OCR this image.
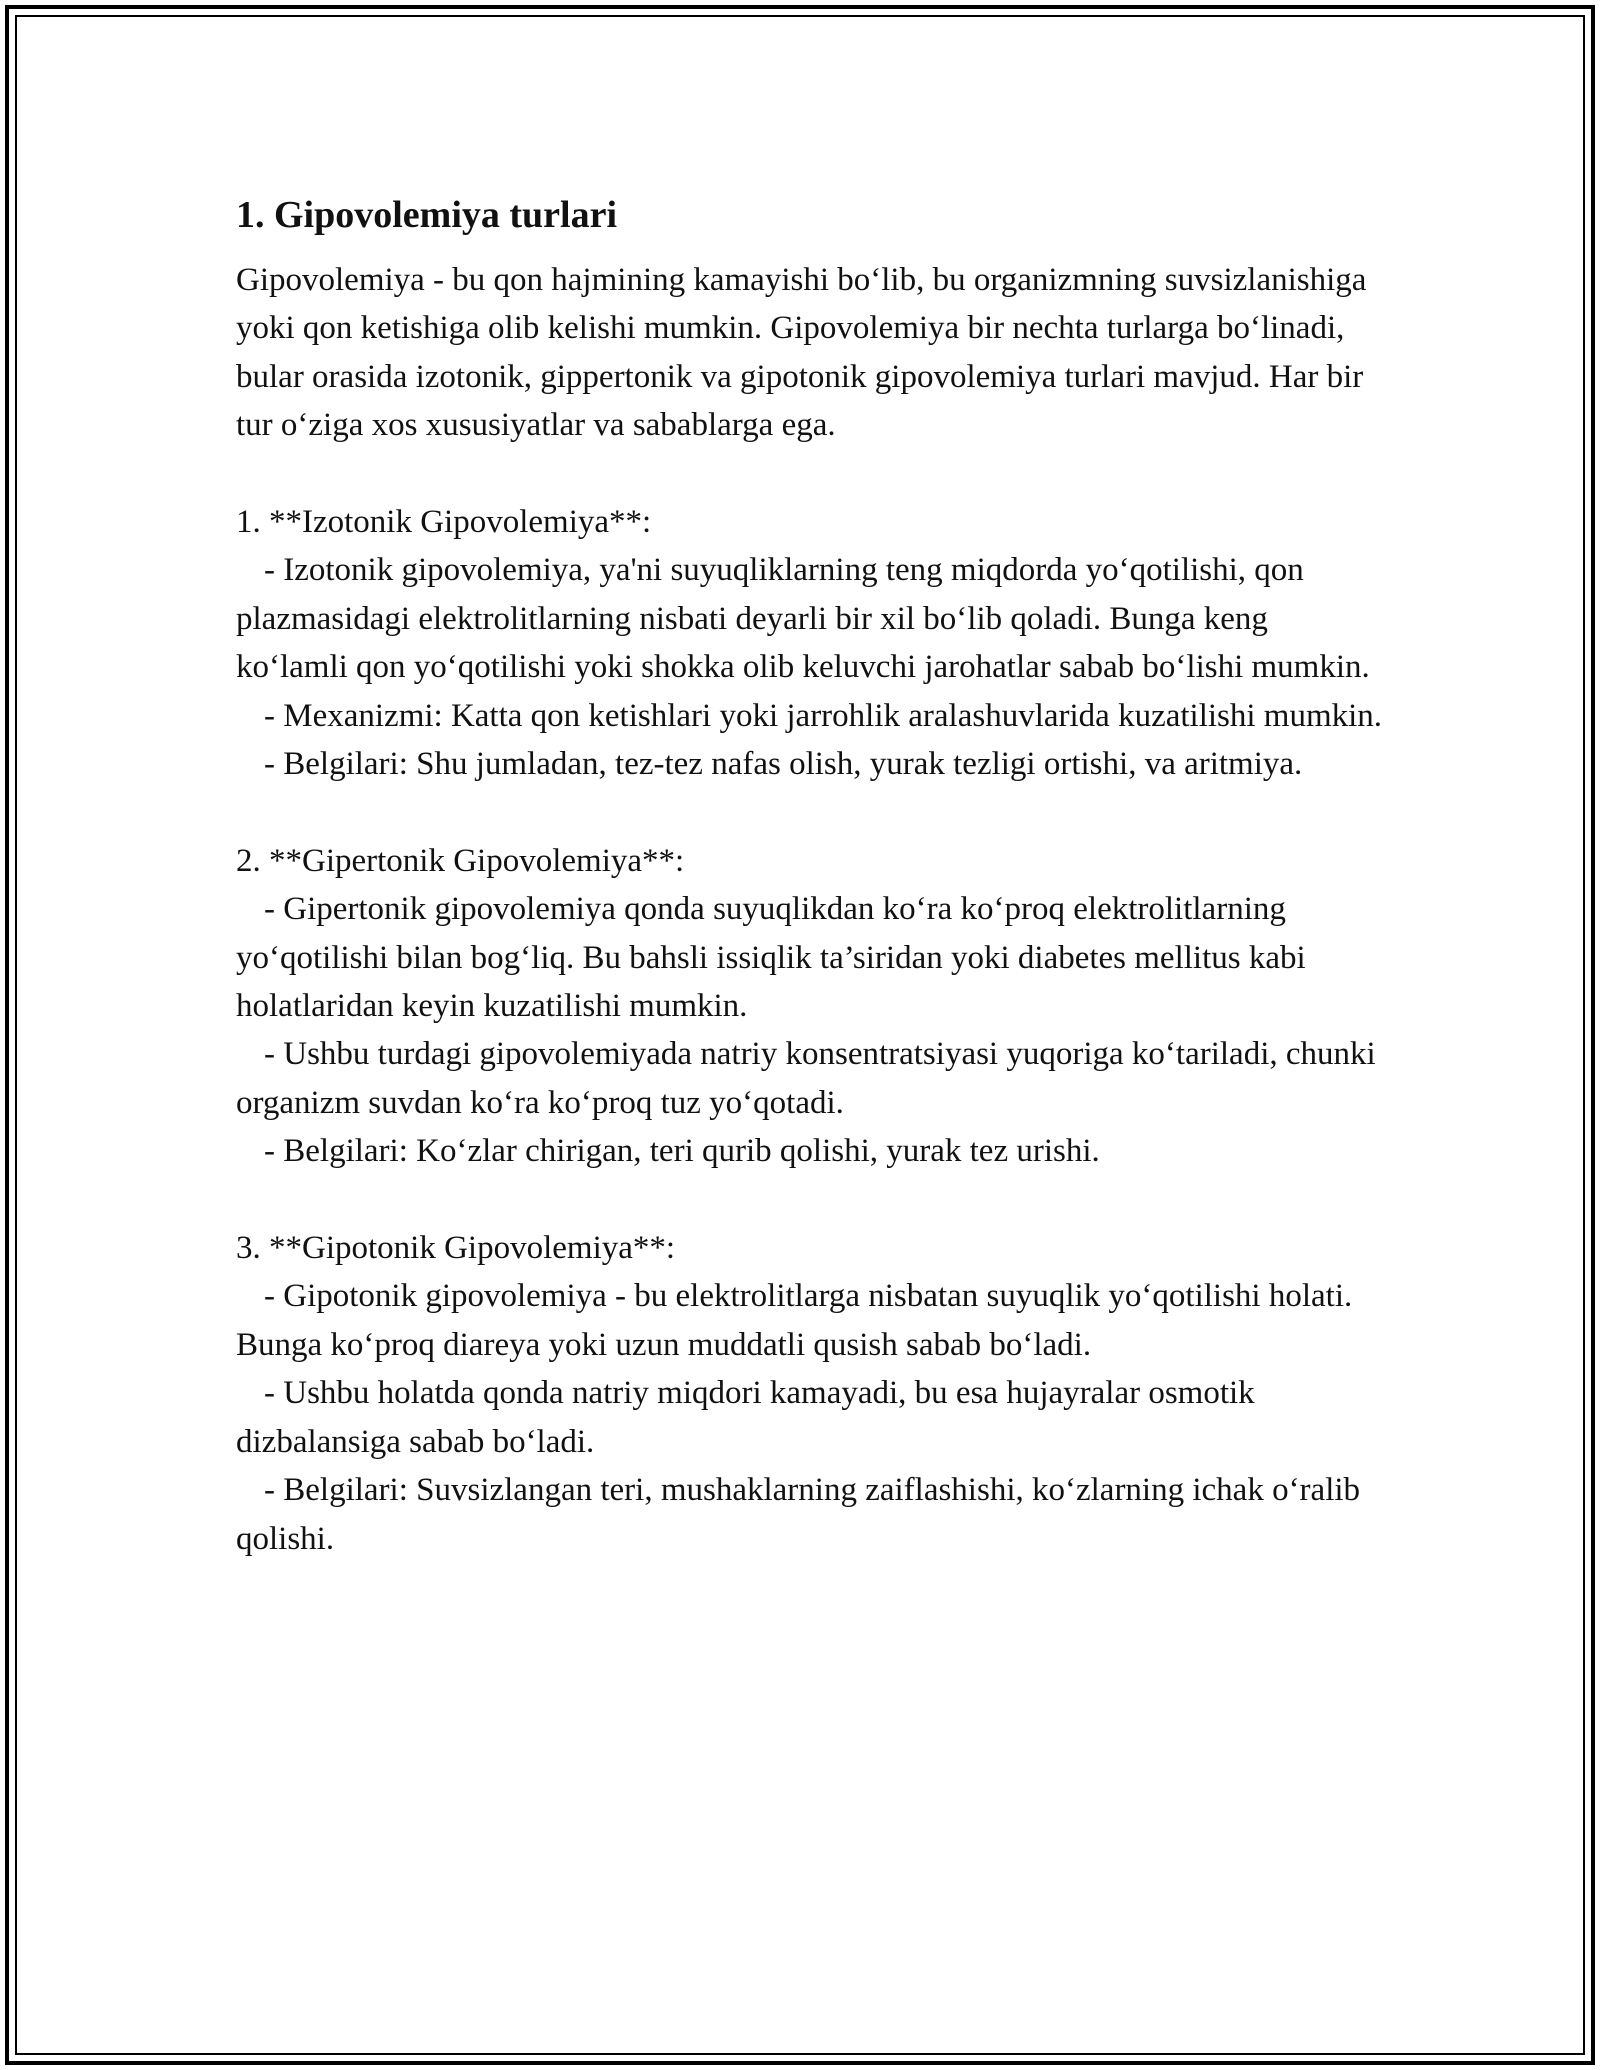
1. Gipovolemiya turlari

Gipovolemiya - bu qon hajmining kamayishi bo‘lib, bu organizmning suvsizlanishiga yoki qon ketishiga olib kelishi mumkin. Gipovolemiya bir nechta turlarga bo‘linadi, bular orasida izotonik, gippertonik va gipotonik gipovolemiya turlari mavjud. Har bir tur o‘ziga xos xususiyatlar va sabablarga ega.

1. **Izotonik Gipovolemiya**:

- Izotonik gipovolemiya, ya'ni suyuqliklarning teng miqdorda yo‘qotilishi, qon plazmasidagi elektrolitlarning nisbati deyarli bir xil bo‘lib qoladi. Bunga keng ko‘lamli qon yo‘qotilishi yoki shokka olib keluvchi jarohatlar sabab bo‘lishi mumkin.

- Mexanizmi: Katta qon ketishlari yoki jarrohlik aralashuvlarida kuzatilishi mumkin.

- Belgilari: Shu jumladan, tez-tez nafas olish, yurak tezligi ortishi, va aritmiya.

2. **Gipertonik Gipovolemiya**:

- Gipertonik gipovolemiya qonda suyuqlikdan ko‘ra ko‘proq elektrolitlarning yo‘qotilishi bilan bog‘liq. Bu bahsli issiqlik ta’siridan yoki diabetes mellitus kabi holatlaridan keyin kuzatilishi mumkin.

- Ushbu turdagi gipovolemiyada natriy konsentratsiyasi yuqoriga ko‘tariladi, chunki organizm suvdan ko‘ra ko‘proq tuz yo‘qotadi.

- Belgilari: Ko‘zlar chirigan, teri qurib qolishi, yurak tez urishi.

3. **Gipotonik Gipovolemiya**:

- Gipotonik gipovolemiya - bu elektrolitlarga nisbatan suyuqlik yo‘qotilishi holati. Bunga ko‘proq diareya yoki uzun muddatli qusish sabab bo‘ladi.

- Ushbu holatda qonda natriy miqdori kamayadi, bu esa hujayralar osmotik dizbalansiga sabab bo‘ladi.

- Belgilari: Suvsizlangan teri, mushaklarning zaiflashishi, ko‘zlarning ichak o‘ralib qolishi.
